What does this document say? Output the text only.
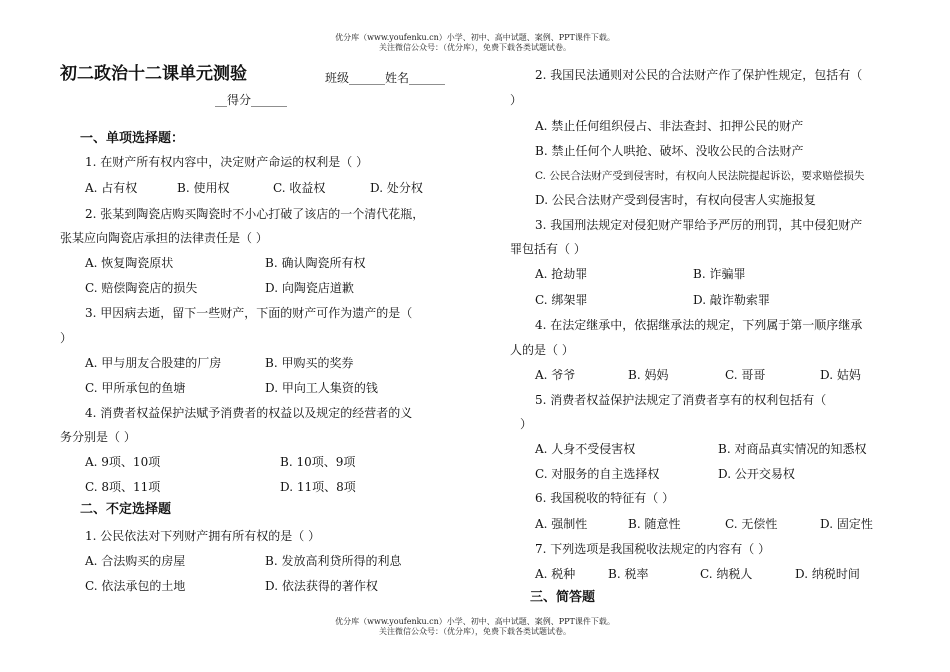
优分库（www.youfenku.cn）小学、初中、高中试题、案例、PPT课件下载。
关注微信公众号：（优分库），免费下载各类试题试卷。
初二政治十二课单元测验	班级______姓名______
__得分______
一、单项选择题：
1. 在财产所有权内容中，决定财产命运的权利是（ ）
A. 占有权	B. 使用权	C. 收益权	D. 处分权
2. 张某到陶瓷店购买陶瓷时不小心打破了该店的一个清代花瓶，
张某应向陶瓷店承担的法律责任是（ ）
A. 恢复陶瓷原状	B. 确认陶瓷所有权
C. 赔偿陶瓷店的损失	D. 向陶瓷店道歉
3. 甲因病去逝，留下一些财产，下面的财产可作为遗产的是（
）
A. 甲与朋友合股建的厂房	B. 甲购买的奖券
C. 甲所承包的鱼塘	D. 甲向工人集资的钱
4. 消费者权益保护法赋予消费者的权益以及规定的经营者的义
务分别是（ ）
A. 9项、10项	B. 10项、9项
C. 8项、11项	D. 11项、8项
二、不定选择题
1. 公民依法对下列财产拥有所有权的是（ ）
A. 合法购买的房屋	B. 发放高利贷所得的利息
C. 依法承包的土地	D. 依法获得的著作权
2. 我国民法通则对公民的合法财产作了保护性规定，包括有（
）
A. 禁止任何组织侵占、非法查封、扣押公民的财产
B. 禁止任何个人哄抢、破坏、没收公民的合法财产
C. 公民合法财产受到侵害时，有权向人民法院提起诉讼，要求赔偿损失
D. 公民合法财产受到侵害时，有权向侵害人实施报复
3. 我国刑法规定对侵犯财产罪给予严厉的刑罚，其中侵犯财产
罪包括有（ ）
A. 抢劫罪	B. 诈骗罪
C. 绑架罪	D. 敲诈勒索罪
4. 在法定继承中，依据继承法的规定，下列属于第一顺序继承
人的是（ ）
A. 爷爷	B. 妈妈	C. 哥哥	D. 姑妈
5. 消费者权益保护法规定了消费者享有的权利包括有（
）
A. 人身不受侵害权	B. 对商品真实情况的知悉权
C. 对服务的自主选择权	D. 公开交易权
6. 我国税收的特征有（ ）
A. 强制性	B. 随意性	C. 无偿性	D. 固定性
7. 下列选项是我国税收法规定的内容有（ ）
A. 税种	B. 税率	C. 纳税人	D. 纳税时间
三、简答题
优分库（www.youfenku.cn）小学、初中、高中试题、案例、PPT课件下载。
关注微信公众号：（优分库），免费下载各类试题试卷。
